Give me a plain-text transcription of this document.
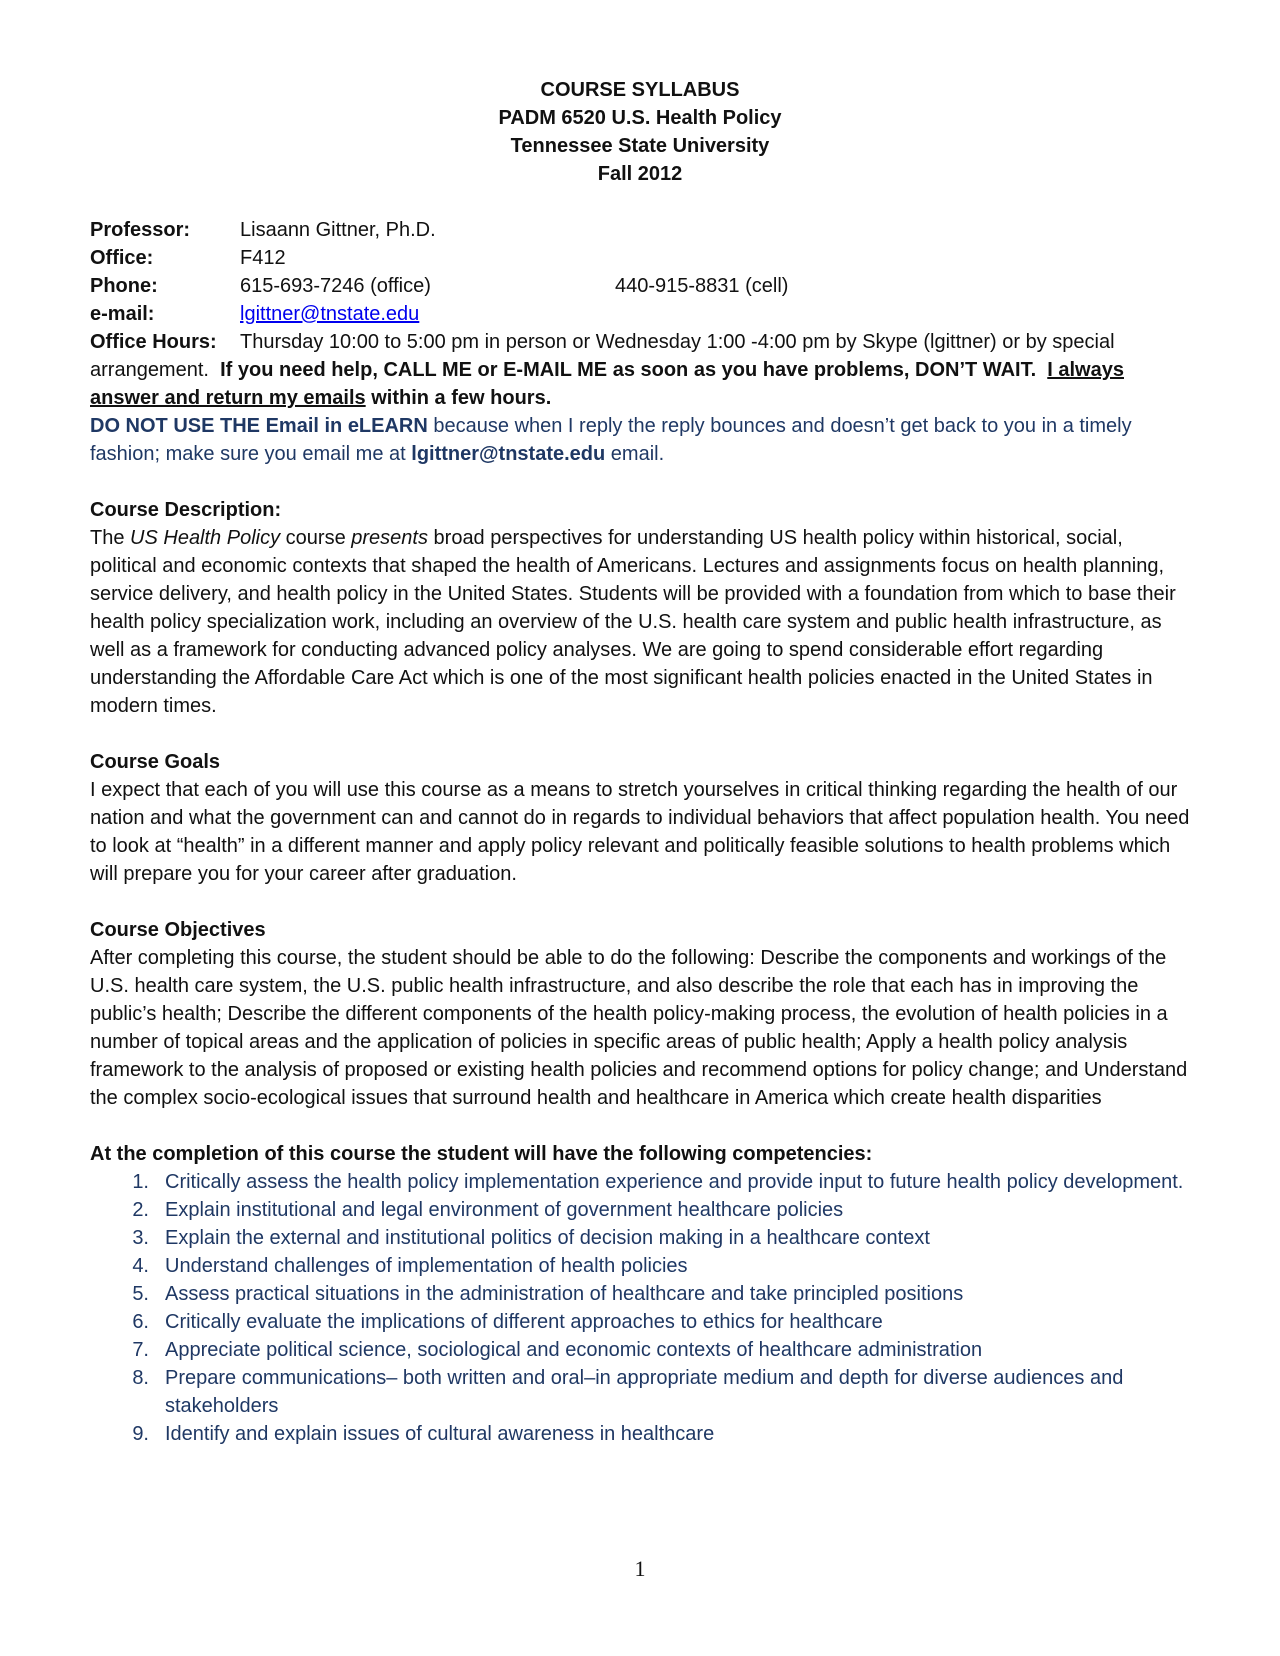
COURSE SYLLABUS
PADM 6520 U.S. Health Policy
Tennessee State University
Fall 2012
Professor:	Lisaann Gittner, Ph.D.
Office:	F412
Phone:	615-693-7246 (office)	440-915-8831 (cell)
e-mail:	lgittner@tnstate.edu
Office Hours: Thursday 10:00 to 5:00 pm in person or Wednesday 1:00 -4:00 pm by Skype (lgittner) or by special arrangement. If you need help, CALL ME or E-MAIL ME as soon as you have problems, DON’T WAIT. I always answer and return my emails within a few hours.
DO NOT USE THE Email in eLEARN because when I reply the reply bounces and doesn’t get back to you in a timely fashion; make sure you email me at lgittner@tnstate.edu email.
Course Description:
The US Health Policy course presents broad perspectives for understanding US health policy within historical, social, political and economic contexts that shaped the health of Americans. Lectures and assignments focus on health planning, service delivery, and health policy in the United States. Students will be provided with a foundation from which to base their health policy specialization work, including an overview of the U.S. health care system and public health infrastructure, as well as a framework for conducting advanced policy analyses. We are going to spend considerable effort regarding understanding the Affordable Care Act which is one of the most significant health policies enacted in the United States in modern times.
Course Goals
I expect that each of you will use this course as a means to stretch yourselves in critical thinking regarding the health of our nation and what the government can and cannot do in regards to individual behaviors that affect population health. You need to look at “health” in a different manner and apply policy relevant and politically feasible solutions to health problems which will prepare you for your career after graduation.
Course Objectives
After completing this course, the student should be able to do the following: Describe the components and workings of the U.S. health care system, the U.S. public health infrastructure, and also describe the role that each has in improving the public’s health; Describe the different components of the health policy-making process, the evolution of health policies in a number of topical areas and the application of policies in specific areas of public health; Apply a health policy analysis framework to the analysis of proposed or existing health policies and recommend options for policy change; and Understand the complex socio-ecological issues that surround health and healthcare in America which create health disparities
At the completion of this course the student will have the following competencies:
1. Critically assess the health policy implementation experience and provide input to future health policy development.
2. Explain institutional and legal environment of government healthcare policies
3. Explain the external and institutional politics of decision making in a healthcare context
4. Understand challenges of implementation of health policies
5. Assess practical situations in the administration of healthcare and take principled positions
6. Critically evaluate the implications of different approaches to ethics for healthcare
7. Appreciate political science, sociological and economic contexts of healthcare administration
8. Prepare communications– both written and oral–in appropriate medium and depth for diverse audiences and stakeholders
9. Identify and explain issues of cultural awareness in healthcare
1
